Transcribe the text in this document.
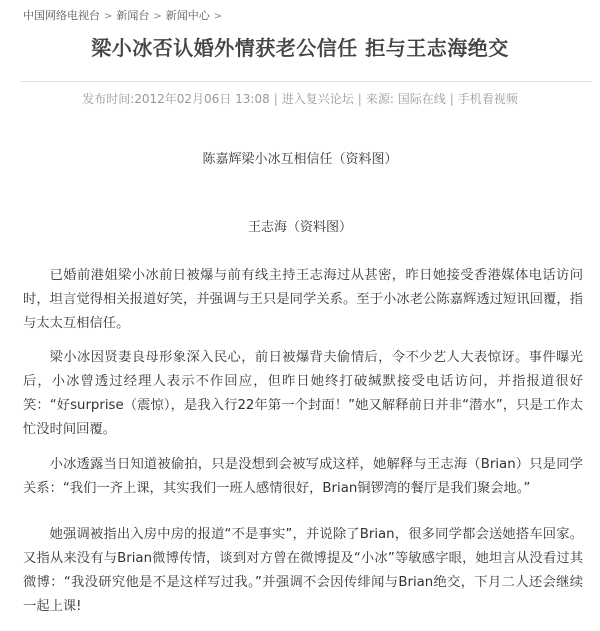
中国网络电视台 > 新闻台 > 新闻中心 >
梁小冰否认婚外情获老公信任 拒与王志海绝交
发布时间:2012年02月06日 13:08 | 进入复兴论坛 | 来源: 国际在线 | 手机看视频
陈嘉辉梁小冰互相信任（资料图）
王志海（资料图）

已婚前港姐梁小冰前日被爆与前有线主持王志海过从甚密，昨日她接受香港媒体电话访问时，坦言觉得相关报道好笑，并强调与王只是同学关系。至于小冰老公陈嘉辉透过短讯回覆，指与太太互相信任。

梁小冰因贤妻良母形象深入民心，前日被爆背夫偷情后，令不少艺人大表惊讶。事件曝光后，小冰曾透过经理人表示不作回应，但昨日她终打破缄默接受电话访问，并指报道很好笑：“好surprise（震惊），是我入行22年第一个封面！”她又解释前日并非“潜水”，只是工作太忙没时间回覆。

小冰透露当日知道被偷拍，只是没想到会被写成这样，她解释与王志海（Brian）只是同学关系：“我们一齐上课，其实我们一班人感情很好，Brian铜锣湾的餐厅是我们聚会地。”

她强调被指出入房中房的报道“不是事实”，并说除了Brian，很多同学都会送她搭车回家。又指从来没有与Brian微博传情，谈到对方曾在微博提及“小冰”等敏感字眼，她坦言从没看过其微博：“我没研究他是不是这样写过我。”并强调不会因传绯闻与Brian绝交，下月二人还会继续一起上课!
